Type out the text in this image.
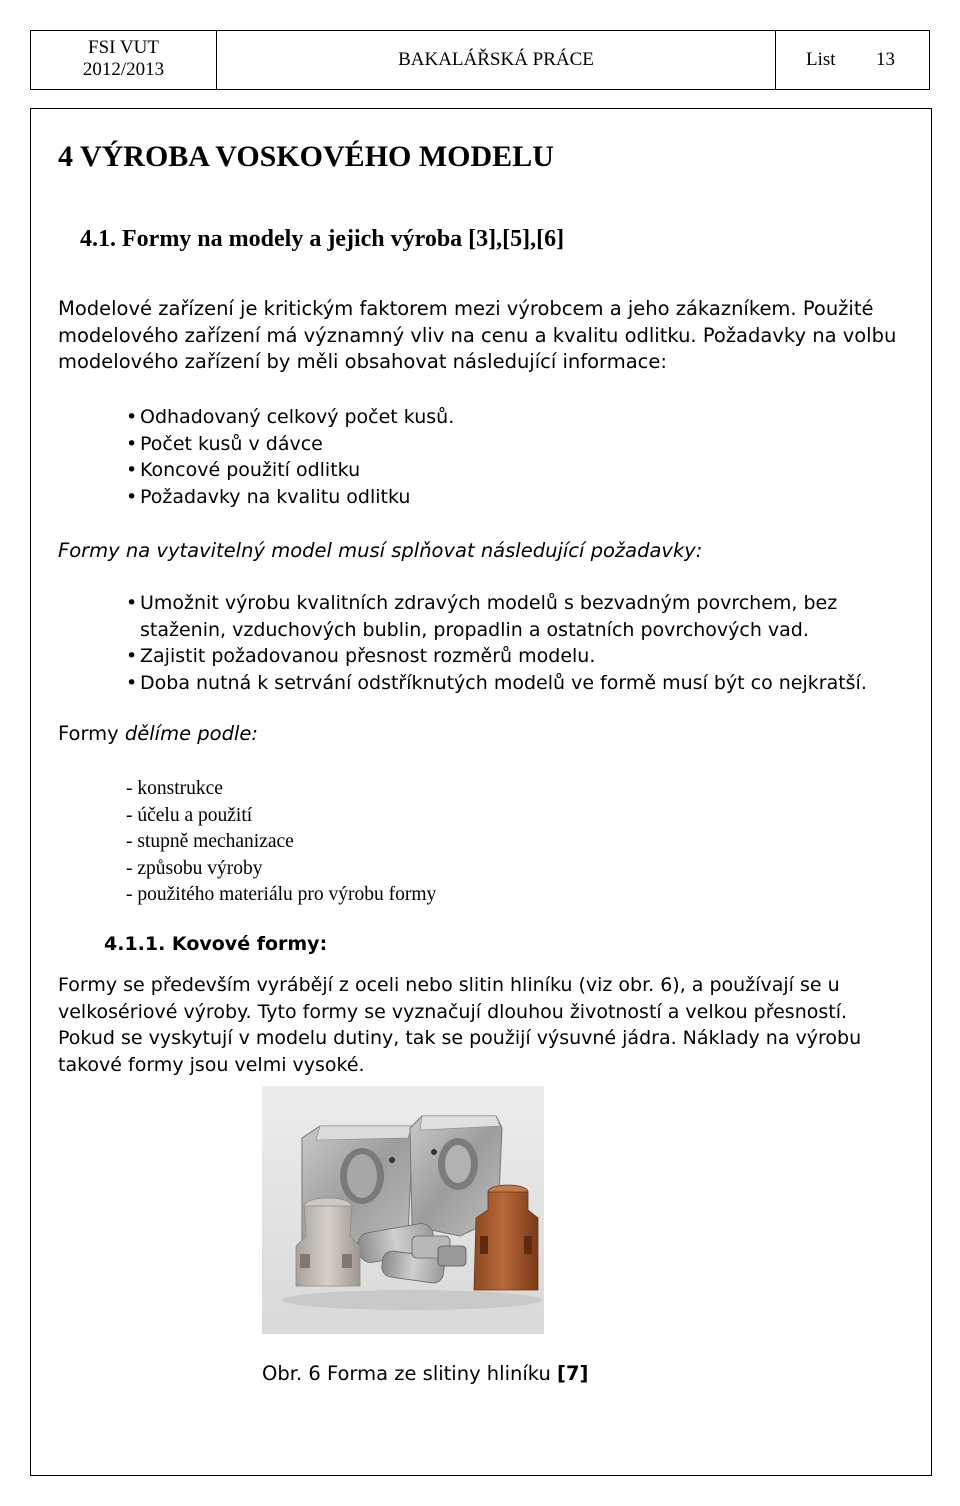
FSI VUT
2012/2013	BAKALÁŘSKÁ PRÁCE	List 13
4 VÝROBA VOSKOVÉHO MODELU
4.1. Formy na modely a jejich výroba [3],[5],[6]
Modelové zařízení je kritickým faktorem mezi výrobcem a jeho zákazníkem. Použité
modelového zařízení má významný vliv na cenu a kvalitu odlitku. Požadavky na volbu
modelového zařízení by měli obsahovat následující informace:
• Odhadovaný celkový počet kusů.
• Počet kusů v dávce
• Koncové použití odlitku
• Požadavky na kvalitu odlitku
Formy na vytavitelný model musí splňovat následující požadavky:
• Umožnit výrobu kvalitních zdravých modelů s bezvadným povrchem, bez
staženin, vzduchových bublin, propadlin a ostatních povrchových vad.
• Zajistit požadovanou přesnost rozměrů modelu.
• Doba nutná k setrvání odstříknutých modelů ve formě musí být co nejkratší.
Formy dělíme podle:
- konstrukce
- účelu a použití
- stupně mechanizace
- způsobu výroby
- použitého materiálu pro výrobu formy
4.1.1. Kovové formy:
Formy se především vyrábějí z oceli nebo slitin hliníku (viz obr. 6), a používají se u
velkosériové výroby. Tyto formy se vyznačují dlouhou životností a velkou přesností.
Pokud se vyskytují v modelu dutiny, tak se použijí výsuvné jádra. Náklady na výrobu
takové formy jsou velmi vysoké.
Obr. 6 Forma ze slitiny hliníku [7]
